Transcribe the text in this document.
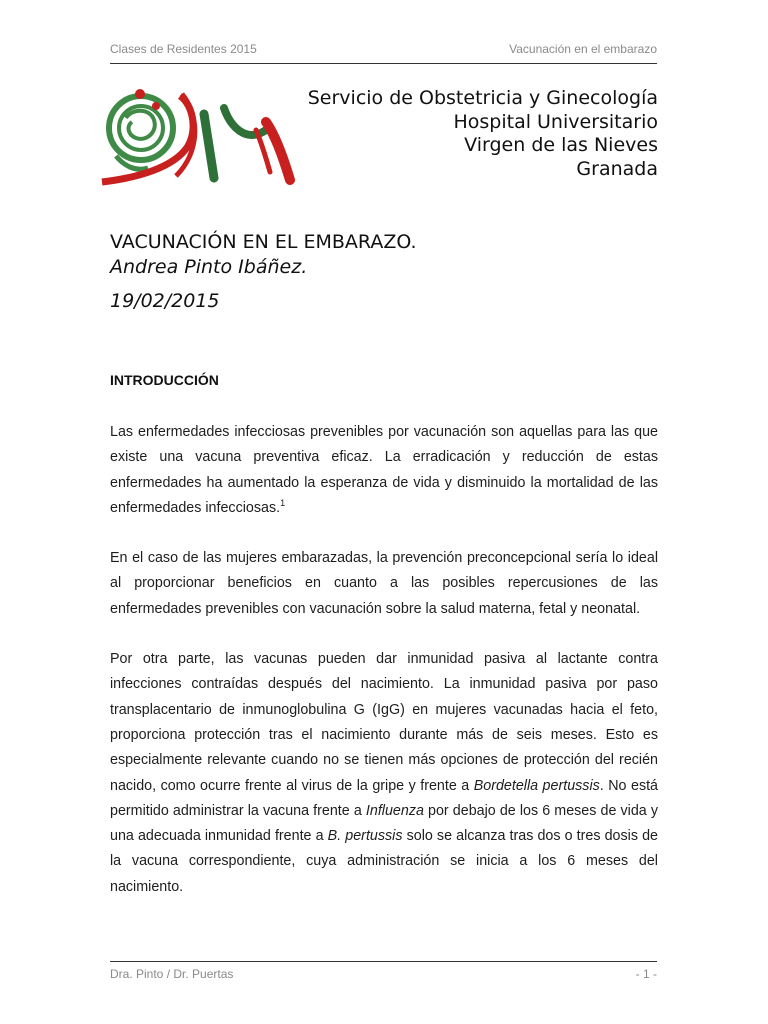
Clases de Residentes 2015	Vacunación en el embarazo
Servicio de Obstetricia y Ginecología
Hospital Universitario
Virgen de las Nieves
Granada
VACUNACIÓN EN EL EMBARAZO.
Andrea Pinto Ibáñez.
19/02/2015
INTRODUCCIÓN

Las enfermedades infecciosas prevenibles por vacunación son aquellas para las que existe una vacuna preventiva eficaz. La erradicación y reducción de estas enfermedades ha aumentado la esperanza de vida y disminuido la mortalidad de las enfermedades infecciosas.$^1$

En el caso de las mujeres embarazadas, la prevención preconcepcional sería lo ideal al proporcionar beneficios en cuanto a las posibles repercusiones de las enfermedades prevenibles con vacunación sobre la salud materna, fetal y neonatal.

Por otra parte, las vacunas pueden dar inmunidad pasiva al lactante contra infecciones contraídas después del nacimiento. La inmunidad pasiva por paso transplacentario de inmunoglobulina G (IgG) en mujeres vacunadas hacia el feto, proporciona protección tras el nacimiento durante más de seis meses. Esto es especialmente relevante cuando no se tienen más opciones de protección del recién nacido, como ocurre frente al virus de la gripe y frente a Bordetella pertussis. No está permitido administrar la vacuna frente a Influenza por debajo de los 6 meses de vida y una adecuada inmunidad frente a B. pertussis solo se alcanza tras dos o tres dosis de la vacuna correspondiente, cuya administración se inicia a los 6 meses del nacimiento.

Dra. Pinto / Dr. Puertas	- 1 -
